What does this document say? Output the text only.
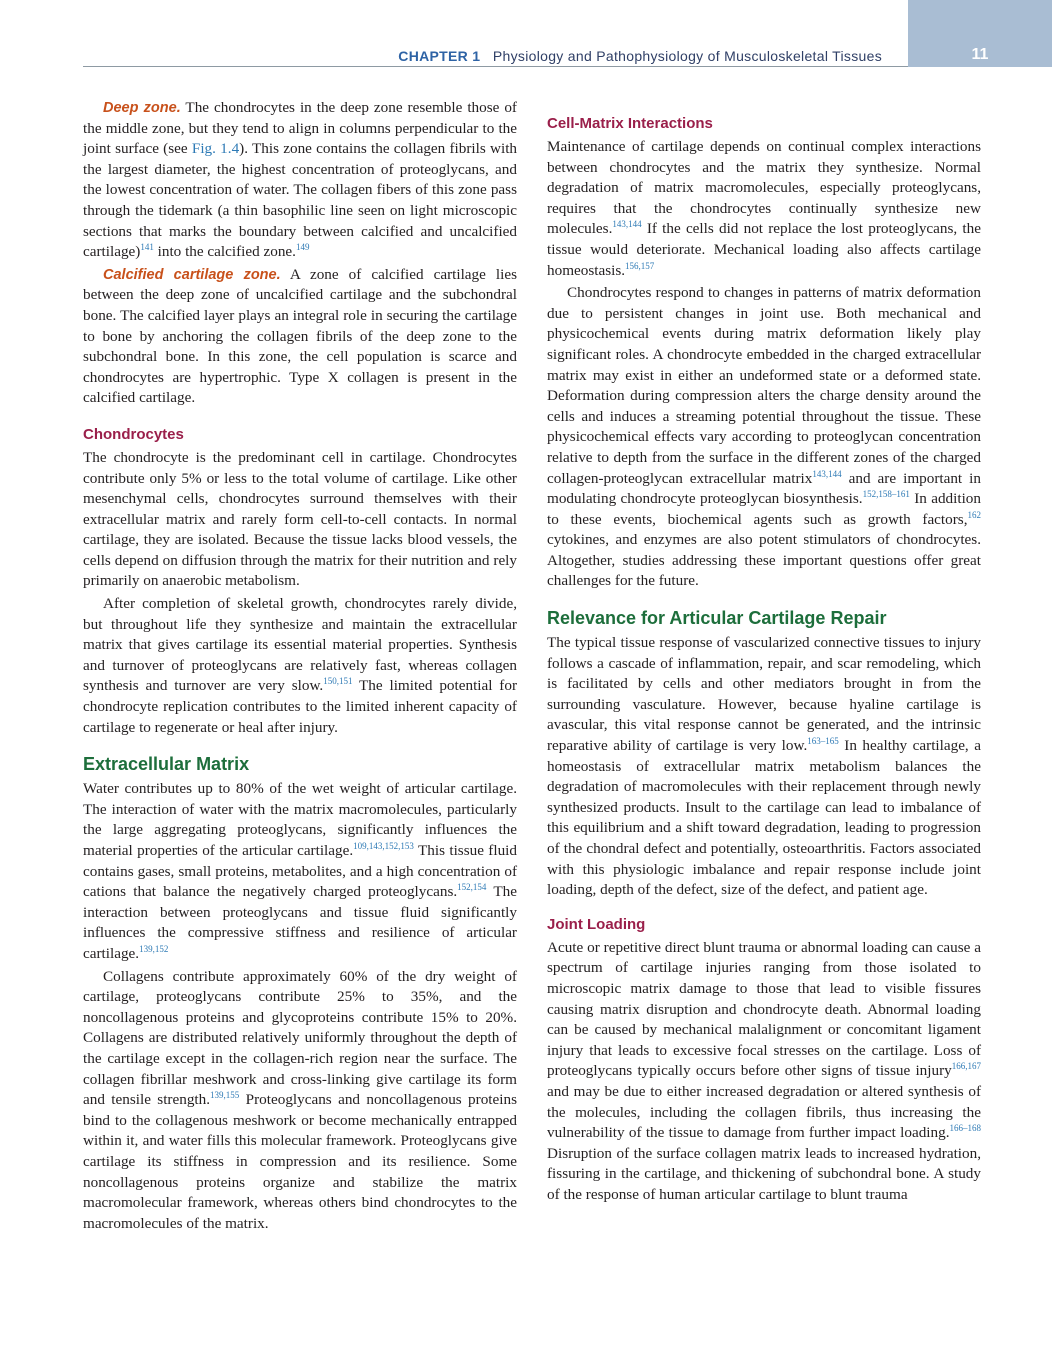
CHAPTER 1 Physiology and Pathophysiology of Musculoskeletal Tissues	11

Deep zone. The chondrocytes in the deep zone resemble those of the middle zone, but they tend to align in columns perpendicular to the joint surface (see Fig. 1.4). This zone contains the collagen fibrils with the largest diameter, the highest concentration of proteoglycans, and the lowest concentration of water. The collagen fibers of this zone pass through the tidemark (a thin basophilic line seen on light microscopic sections that marks the boundary between calcified and uncalcified cartilage)$^{141}$ into the calcified zone.$^{149}$

Calcified cartilage zone. A zone of calcified cartilage lies between the deep zone of uncalcified cartilage and the subchondral bone. The calcified layer plays an integral role in securing the cartilage to bone by anchoring the collagen fibrils of the deep zone to the subchondral bone. In this zone, the cell population is scarce and chondrocytes are hypertrophic. Type X collagen is present in the calcified cartilage.

Chondrocytes

The chondrocyte is the predominant cell in cartilage. Chondrocytes contribute only 5% or less to the total volume of cartilage. Like other mesenchymal cells, chondrocytes surround themselves with their extracellular matrix and rarely form cell-to-cell contacts. In normal cartilage, they are isolated. Because the tissue lacks blood vessels, the cells depend on diffusion through the matrix for their nutrition and rely primarily on anaerobic metabolism.

After completion of skeletal growth, chondrocytes rarely divide, but throughout life they synthesize and maintain the extracellular matrix that gives cartilage its essential material properties. Synthesis and turnover of proteoglycans are relatively fast, whereas collagen synthesis and turnover are very slow.$^{150,151}$ The limited potential for chondrocyte replication contributes to the limited inherent capacity of cartilage to regenerate or heal after injury.

Extracellular Matrix

Water contributes up to 80% of the wet weight of articular cartilage. The interaction of water with the matrix macromolecules, particularly the large aggregating proteoglycans, significantly influences the material properties of the articular cartilage.$^{109,143,152,153}$ This tissue fluid contains gases, small proteins, metabolites, and a high concentration of cations that balance the negatively charged proteoglycans.$^{152,154}$ The interaction between proteoglycans and tissue fluid significantly influences the compressive stiffness and resilience of articular cartilage.$^{139,152}$

Collagens contribute approximately 60% of the dry weight of cartilage, proteoglycans contribute 25% to 35%, and the noncollagenous proteins and glycoproteins contribute 15% to 20%. Collagens are distributed relatively uniformly throughout the depth of the cartilage except in the collagen-rich region near the surface. The collagen fibrillar meshwork and cross-linking give cartilage its form and tensile strength.$^{139,155}$ Proteoglycans and noncollagenous proteins bind to the collagenous meshwork or become mechanically entrapped within it, and water fills this molecular framework. Proteoglycans give cartilage its stiffness in compression and its resilience. Some noncollagenous proteins organize and stabilize the matrix macromolecular framework, whereas others bind chondrocytes to the macromolecules of the matrix.

Cell-Matrix Interactions

Maintenance of cartilage depends on continual complex interactions between chondrocytes and the matrix they synthesize. Normal degradation of matrix macromolecules, especially proteoglycans, requires that the chondrocytes continually synthesize new molecules.$^{143,144}$ If the cells did not replace the lost proteoglycans, the tissue would deteriorate. Mechanical loading also affects cartilage homeostasis.$^{156,157}$

Chondrocytes respond to changes in patterns of matrix deformation due to persistent changes in joint use. Both mechanical and physicochemical events during matrix deformation likely play significant roles. A chondrocyte embedded in the charged extracellular matrix may exist in either an undeformed state or a deformed state. Deformation during compression alters the charge density around the cells and induces a streaming potential throughout the tissue. These physicochemical effects vary according to proteoglycan concentration relative to depth from the surface in the different zones of the charged collagen-proteoglycan extracellular matrix$^{143,144}$ and are important in modulating chondrocyte proteoglycan biosynthesis.$^{152,158-161}$ In addition to these events, biochemical agents such as growth factors,$^{162}$ cytokines, and enzymes are also potent stimulators of chondrocytes. Altogether, studies addressing these important questions offer great challenges for the future.

Relevance for Articular Cartilage Repair

The typical tissue response of vascularized connective tissues to injury follows a cascade of inflammation, repair, and scar remodeling, which is facilitated by cells and other mediators brought in from the surrounding vasculature. However, because hyaline cartilage is avascular, this vital response cannot be generated, and the intrinsic reparative ability of cartilage is very low.$^{163-165}$ In healthy cartilage, a homeostasis of extracellular matrix metabolism balances the degradation of macromolecules with their replacement through newly synthesized products. Insult to the cartilage can lead to imbalance of this equilibrium and a shift toward degradation, leading to progression of the chondral defect and potentially, osteoarthritis. Factors associated with this physiologic imbalance and repair response include joint loading, depth of the defect, size of the defect, and patient age.

Joint Loading

Acute or repetitive direct blunt trauma or abnormal loading can cause a spectrum of cartilage injuries ranging from those isolated to microscopic matrix damage to those that lead to visible fissures causing matrix disruption and chondrocyte death. Abnormal loading can be caused by mechanical malalignment or concomitant ligament injury that leads to excessive focal stresses on the cartilage. Loss of proteoglycans typically occurs before other signs of tissue injury$^{166,167}$ and may be due to either increased degradation or altered synthesis of the molecules, including the collagen fibrils, thus increasing the vulnerability of the tissue to damage from further impact loading.$^{166-168}$ Disruption of the surface collagen matrix leads to increased hydration, fissuring in the cartilage, and thickening of subchondral bone. A study of the response of human articular cartilage to blunt trauma
